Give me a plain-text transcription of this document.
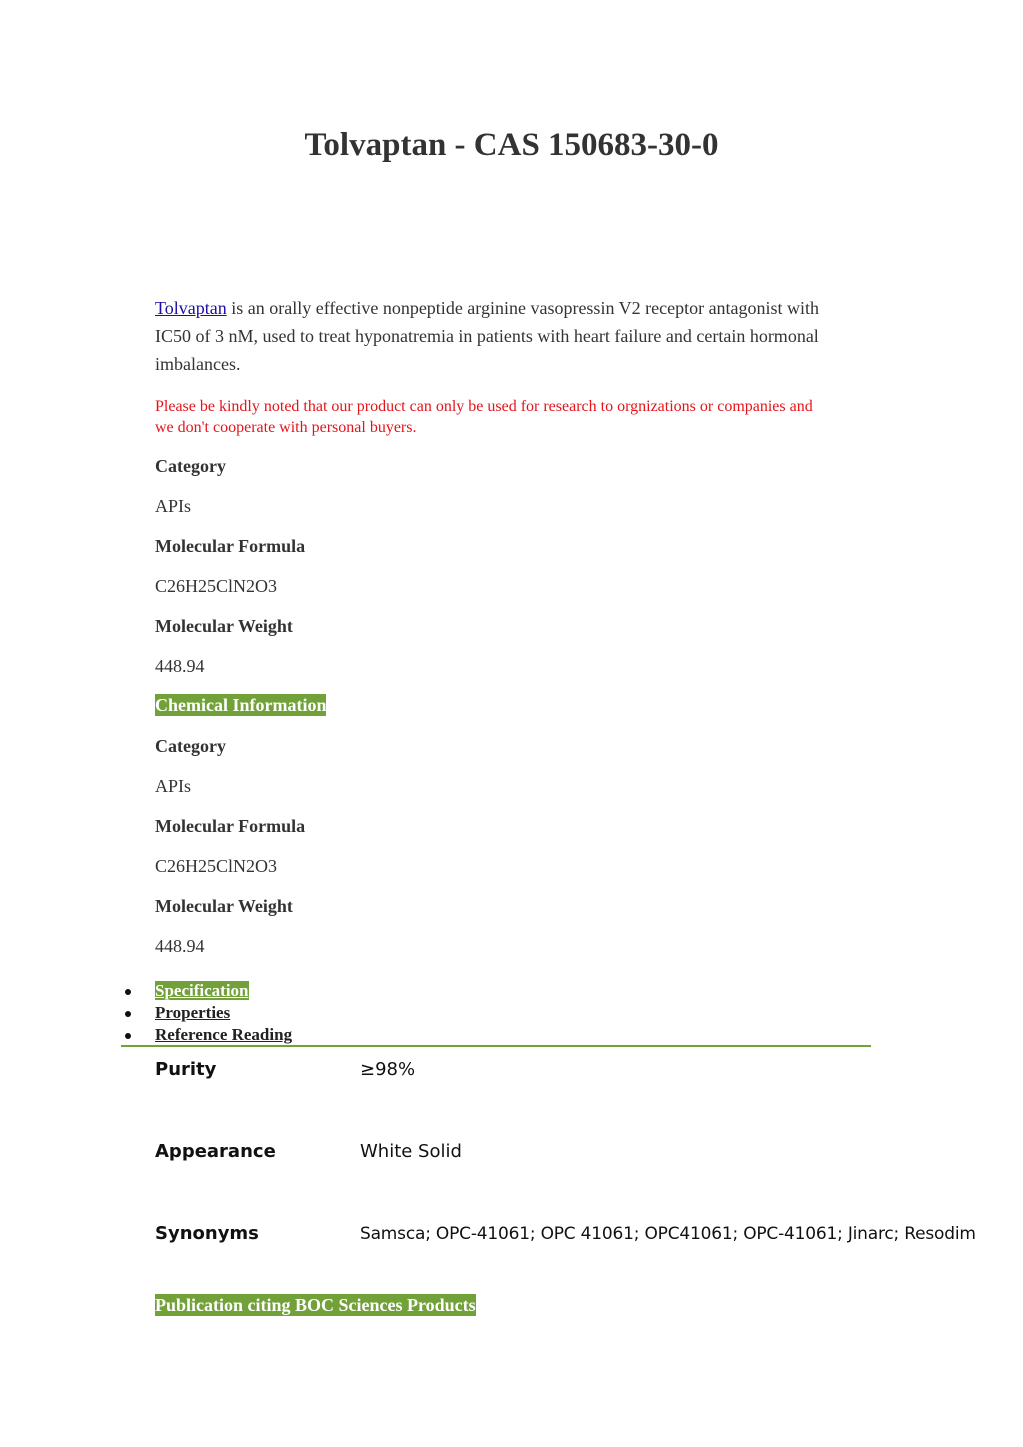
Tolvaptan - CAS 150683-30-0
Tolvaptan is an orally effective nonpeptide arginine vasopressin V2 receptor antagonist with IC50 of 3 nM, used to treat hyponatremia in patients with heart failure and certain hormonal imbalances.
Please be kindly noted that our product can only be used for research to orgnizations or companies and we don't cooperate with personal buyers.
Category
APIs
Molecular Formula
C26H25ClN2O3
Molecular Weight
448.94
Chemical Information
Category
APIs
Molecular Formula
C26H25ClN2O3
Molecular Weight
448.94
Specification
Properties
Reference Reading
Purity	≥98%
Appearance	White Solid
Synonyms	Samsca; OPC-41061; OPC 41061; OPC41061; OPC-41061; Jinarc; Resodim
Publication citing BOC Sciences Products
